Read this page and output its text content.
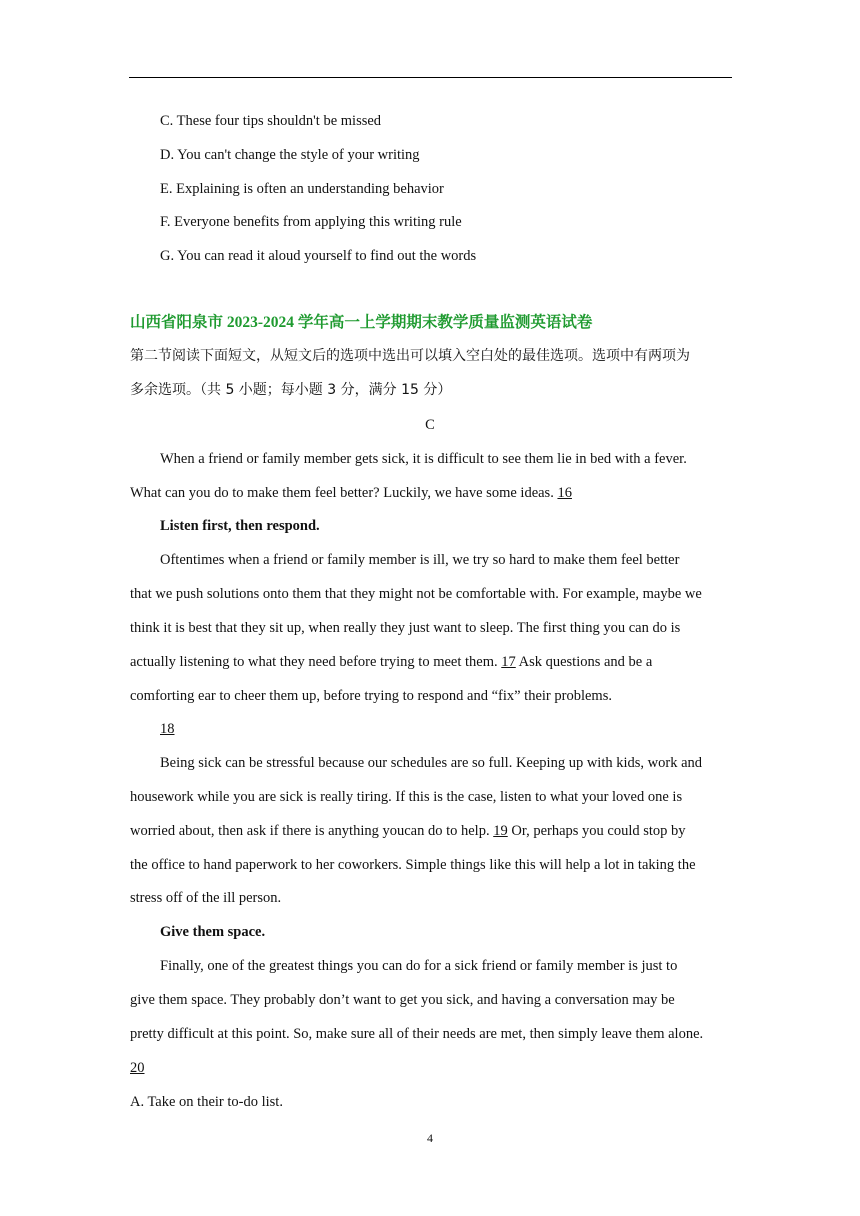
C. These four tips shouldn't be missed
D. You can't change the style of your writing
E. Explaining is often an understanding behavior
F. Everyone benefits from applying this writing rule
G. You can read it aloud yourself to find out the words
山西省阳泉市 2023-2024 学年高一上学期期末教学质量监测英语试卷
第二节阅读下面短文，从短文后的选项中选出可以填入空白处的最佳选项。选项中有两项为
多余选项。（共 5 小题；每小题 3 分，满分 15 分）
C
When a friend or family member gets sick, it is difficult to see them lie in bed with a fever.
What can you do to make them feel better? Luckily, we have some ideas. 16
Listen first, then respond.
Oftentimes when a friend or family member is ill, we try so hard to make them feel better
that we push solutions onto them that they might not be comfortable with. For example, maybe we
think it is best that they sit up, when really they just want to sleep. The first thing you can do is
actually listening to what they need before trying to meet them. 17 Ask questions and be a
comforting ear to cheer them up, before trying to respond and “fix” their problems.
18
Being sick can be stressful because our schedules are so full. Keeping up with kids, work and
housework while you are sick is really tiring. If this is the case, listen to what your loved one is
worried about, then ask if there is anything youcan do to help. 19 Or, perhaps you could stop by
the office to hand paperwork to her coworkers. Simple things like this will help a lot in taking the
stress off of the ill person.
Give them space.
Finally, one of the greatest things you can do for a sick friend or family member is just to
give them space. They probably don’t want to get you sick, and having a conversation may be
pretty difficult at this point. So, make sure all of their needs are met, then simply leave them alone.
20
A. Take on their to-do list.
4
